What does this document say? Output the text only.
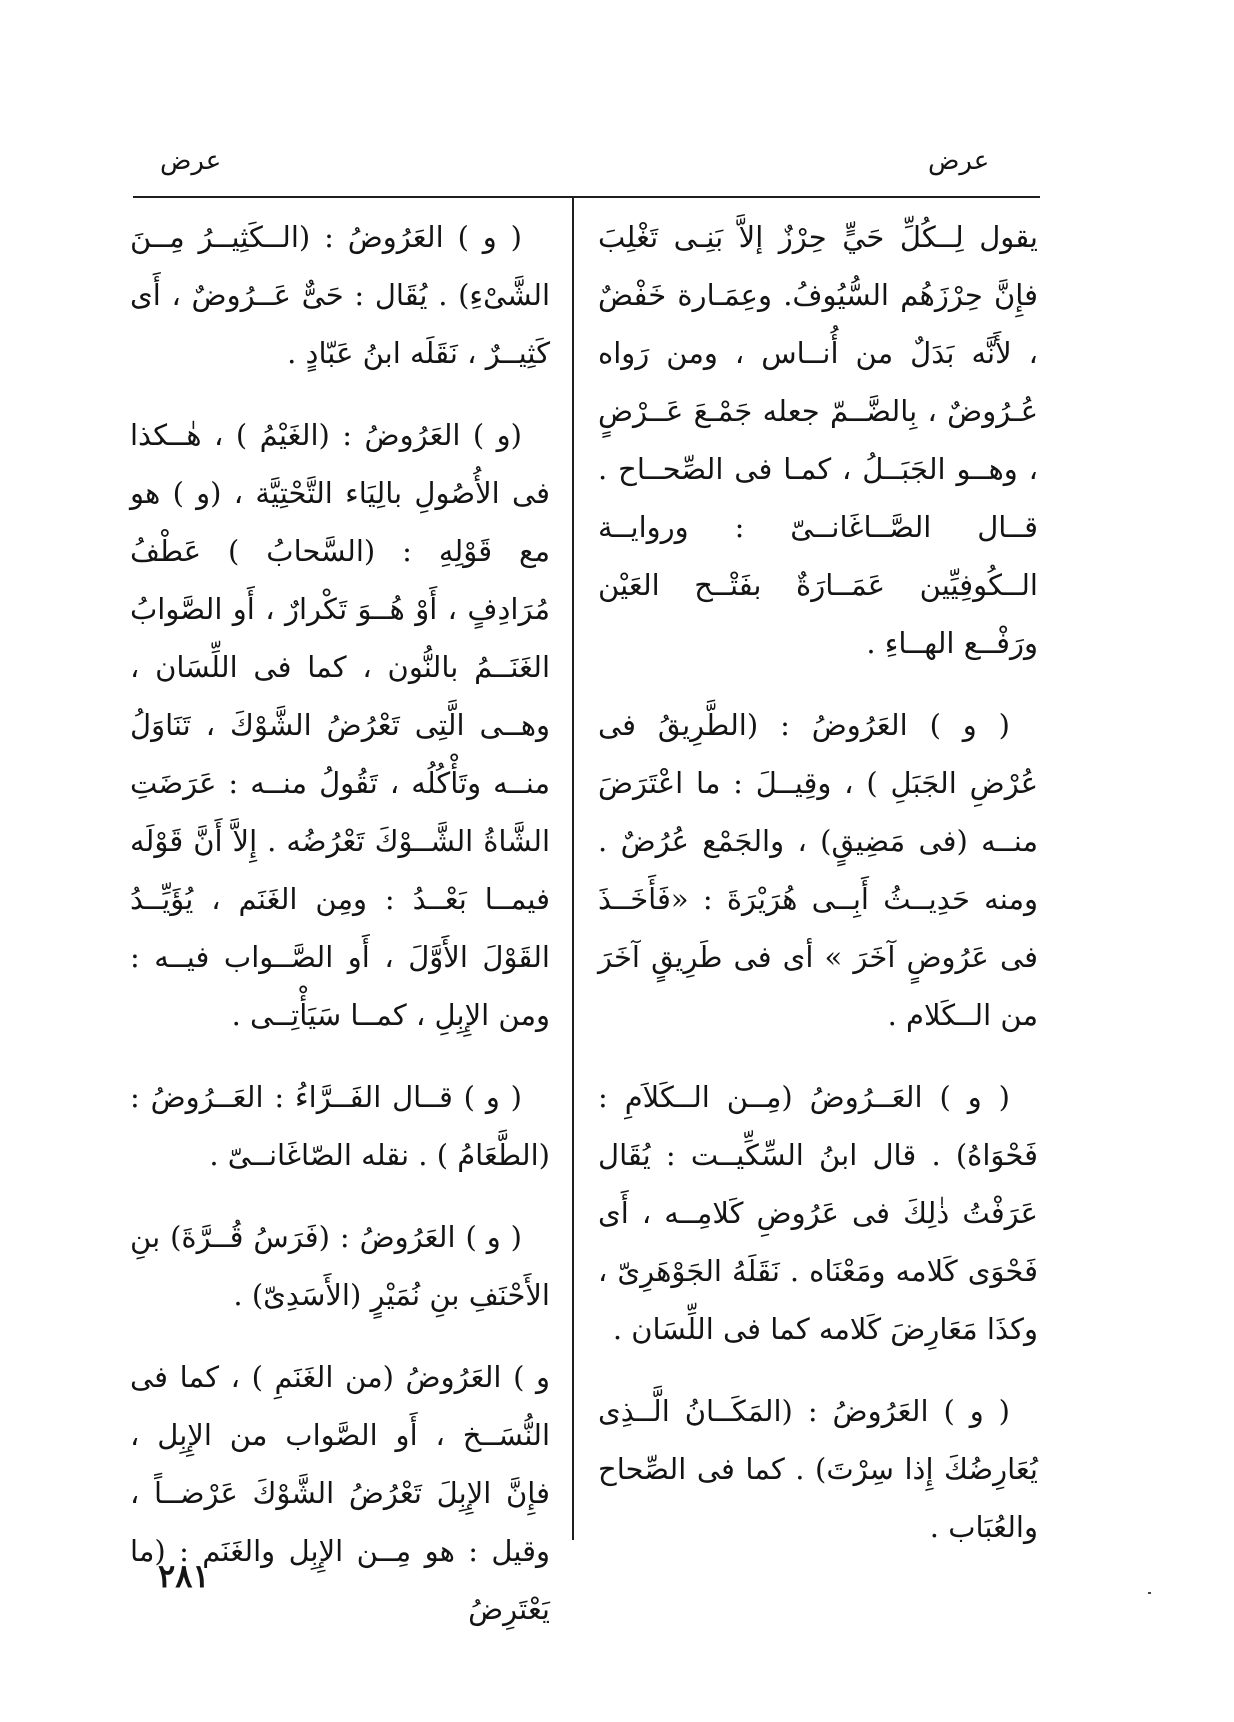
عرض
عرض

يقول لِــكُلِّ حَيٍّ حِرْزٌ إلاَّ بَنِـى تَغْلِبَ فإِنَّ حِرْزَهُم السُّيُوفُ. وعِمَـارة خَفْضٌ ، لأَنَّه بَدَلٌ من أُنــاس ، ومن رَواه عُـرُوضٌ ، بِالضَّــمّ جعله جَمْـعَ عَــرْضٍ ، وهــو الجَبَــلُ ، كمـا فى الصِّحــاح . قــال الصَّــاغَانــىّ : وروايــة الــكُوفِيِّين عَمَــارَةٌ بفَتْــح العَيْن ورَفْــع الهــاءِ .

( و ) العَرُوضُ : (الطَّرِيقُ فى عُرْضِ الجَبَلِ ) ، وقِيــلَ : ما اعْتَرَضَ منــه (فى مَضِيقٍ) ، والجَمْع عُرُضٌ . ومنه حَدِيــثُ أَبِــى هُرَيْرَةَ : «فَأَخَــذَ فى عَرُوضٍ آخَرَ » أى فى طَرِيقٍ آخَرَ من الــكَلام .

( و ) العَــرُوضُ (مِــن الــكَلاَمِ : فَحْوَاهُ) . قال ابنُ السِّكِّيــت : يُقَال عَرَفْتُ ذٰلِكَ فى عَرُوضِ كَلامِــه ، أَى فَحْوَى كَلامه ومَعْنَاه . نَقَلَهُ الجَوْهَرِىّ ، وكذَا مَعَارِضَ كَلامه كما فى اللِّسَان .

( و ) العَرُوضُ : (المَكَــانُ الَّــذِى يُعَارِضُكَ إِذا سِرْتَ) . كما فى الصِّحاح والعُبَاب .

( و ) العَرُوضُ : (الــكَثِيــرُ مِــنَ الشَّىْءِ) . يُقَال : حَىٌّ عَــرُوضٌ ، أَى كَثِيــرٌ ، نَقَلَه ابنُ عَبّادٍ .

(و ) العَرُوضُ : (الغَيْمُ ) ، هٰــكذا فى الأُصُولِ بالِيَاء التَّحْتِيَّة ، (و ) هو مع قَوْلِهِ : (السَّحابُ ) عَطْفُ مُرَادِفٍ ، أَوْ هُــوَ تَكْرارٌ ، أَو الصَّوابُ الغَنَــمُ بالنُّون ، كما فى اللِّسَان ، وهــى الَّتِى تَعْرُضُ الشَّوْكَ ، تَنَاوَلُ منــه وتَأْكُلُه ، تَقُولُ منــه : عَرَضَتِ الشَّاةُ الشَّــوْكَ تَعْرُضُه . إِلاَّ أَنَّ قَوْلَه فيمــا بَعْــدُ : ومِن الغَنَم ، يُؤَيِّــدُ القَوْلَ الأَوَّلَ ، أَو الصَّــواب فيــه : ومن الإِبِلِ ، كمــا سَيَأْتِــى .

( و ) قــال الفَــرَّاءُ : العَــرُوضُ : (الطَّعَامُ ) . نقله الصّاغَانــىّ .

( و ) العَرُوضُ : (فَرَسُ قُــرَّةَ) بنِ الأَحْنَفِ بنِ نُمَيْرٍ (الأَسَدِىّ) .

و ) العَرُوضُ (من الغَنَمِ ) ، كما فى النُّسَــخ ، أَو الصَّواب من الإِبِل ، فإِنَّ الإِبِلَ تَعْرُضُ الشَّوْكَ عَرْضــاً ، وقيل : هو مِــن الإِبِل والغَنَم : (ما يَعْتَرِضُ

٢٨١
